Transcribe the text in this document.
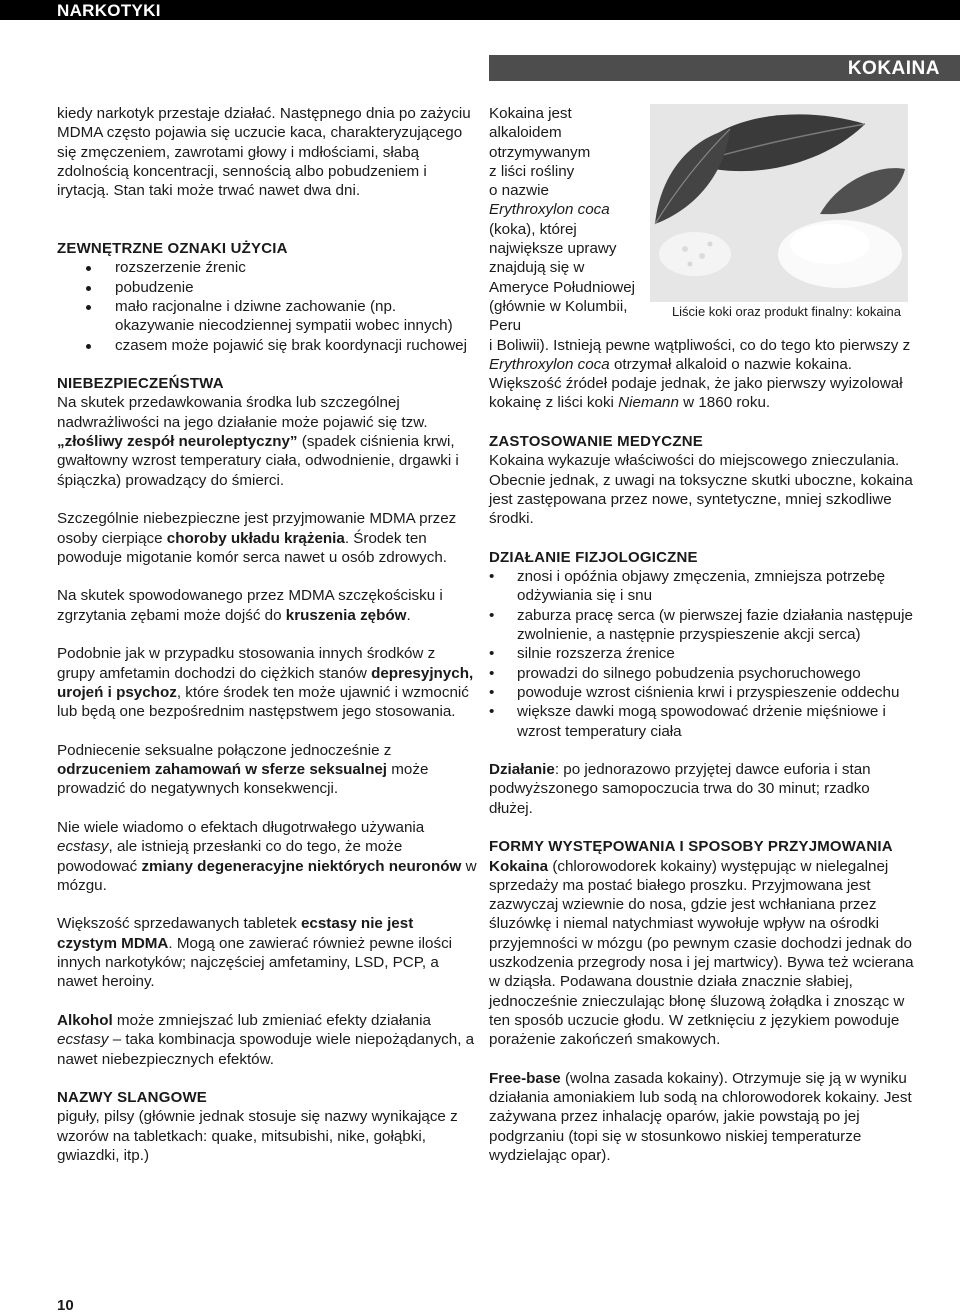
NARKOTYKI
KOKAINA

kiedy narkotyk przestaje działać. Następnego dnia po zażyciu MDMA często pojawia się uczucie kaca, charakteryzującego się zmęczeniem, zawrotami głowy i mdłościami, słabą zdolnością koncentracji, sennością albo pobudzeniem i irytacją. Stan taki może trwać nawet dwa dni.

ZEWNĘTRZNE OZNAKI UŻYCIA
rozszerzenie źrenic
pobudzenie
mało racjonalne i dziwne zachowanie (np. okazywanie niecodziennej sympatii wobec innych)
czasem może pojawić się brak koordynacji ruchowej
NIEBEZPIECZEŃSTWA

Na skutek przedawkowania środka lub szczególnej nadwrażliwości na jego działanie może pojawić się tzw. „złośliwy zespół neuroleptyczny” (spadek ciśnienia krwi, gwałtowny wzrost temperatury ciała, odwodnienie, drgawki i śpiączka) prowadzący do śmierci.

Szczególnie niebezpieczne jest przyjmowanie MDMA przez osoby cierpiące choroby układu krążenia. Środek ten powoduje migotanie komór serca nawet u osób zdrowych.

Na skutek spowodowanego przez MDMA szczękościsku i zgrzytania zębami może dojść do kruszenia zębów.

Podobnie jak w przypadku stosowania innych środków z grupy amfetamin dochodzi do ciężkich stanów depresyjnych, urojeń i psychoz, które środek ten może ujawnić i wzmocnić lub będą one bezpośrednim następstwem jego stosowania.

Podniecenie seksualne połączone jednocześnie z odrzuceniem zahamowań w sferze seksualnej może prowadzić do negatywnych konsekwencji.

Nie wiele wiadomo o efektach długotrwałego używania ecstasy, ale istnieją przesłanki co do tego, że może powodować zmiany degeneracyjne niektórych neuronów w mózgu.

Większość sprzedawanych tabletek ecstasy nie jest czystym MDMA. Mogą one zawierać również pewne ilości innych narkotyków; najczęściej amfetaminy, LSD, PCP, a nawet heroiny.

Alkohol może zmniejszać lub zmieniać efekty działania ecstasy – taka kombinacja spowoduje wiele niepożądanych, a nawet niebezpiecznych efektów.

NAZWY SLANGOWE

piguły, pilsy (głównie jednak stosuje się nazwy wynikające z wzorów na tabletkach: quake, mitsubishi, nike, gołąbki, gwiazdki, itp.)

Liście koki oraz produkt finalny: kokaina
Kokaina jest
alkaloidem
otrzymywanym
z liści rośliny
o nazwie
Erythroxylon coca (koka), której największe uprawy znajdują się w Ameryce Południowej (głównie w Kolumbii, Peru

i Boliwii). Istnieją pewne wątpliwości, co do tego kto pierwszy z Erythroxylon coca otrzymał alkaloid o nazwie kokaina. Większość źródeł podaje jednak, że jako pierwszy wyizolował kokainę z liści koki Niemann w 1860 roku.

ZASTOSOWANIE MEDYCZNE

Kokaina wykazuje właściwości do miejscowego znieczulania. Obecnie jednak, z uwagi na toksyczne skutki uboczne, kokaina jest zastępowana przez nowe, syntetyczne, mniej szkodliwe środki.

DZIAŁANIE FIZJOLOGICZNE
• znosi i opóźnia objawy zmęczenia, zmniejsza potrzebę odżywiania się i snu
• zaburza pracę serca (w pierwszej fazie działania następuje zwolnienie, a następnie przyspieszenie akcji serca)
• silnie rozszerza źrenice
• prowadzi do silnego pobudzenia psychoruchowego
• powoduje wzrost ciśnienia krwi i przyspieszenie oddechu
• większe dawki mogą spowodować drżenie mięśniowe i wzrost temperatury ciała

Działanie: po jednorazowo przyjętej dawce euforia i stan podwyższonego samopoczucia trwa do 30 minut; rzadko dłużej.

FORMY WYSTĘPOWANIA I SPOSOBY PRZYJMOWANIA

Kokaina (chlorowodorek kokainy) występując w nielegalnej sprzedaży ma postać białego proszku. Przyjmowana jest zazwyczaj wziewnie do nosa, gdzie jest wchłaniana przez śluzówkę i niemal natychmiast wywołuje wpływ na ośrodki przyjemności w mózgu (po pewnym czasie dochodzi jednak do uszkodzenia przegrody nosa i jej martwicy). Bywa też wcierana w dziąsła. Podawana doustnie działa znacznie słabiej, jednocześnie znieczulając błonę śluzową żołądka i znosząc w ten sposób uczucie głodu. W zetknięciu z językiem powoduje porażenie zakończeń smakowych.

Free-base (wolna zasada kokainy). Otrzymuje się ją w wyniku działania amoniakiem lub sodą na chlorowodorek kokainy. Jest zażywana przez inhalację oparów, jakie powstają po jej podgrzaniu (topi się w stosunkowo niskiej temperaturze wydzielając opar).

10
